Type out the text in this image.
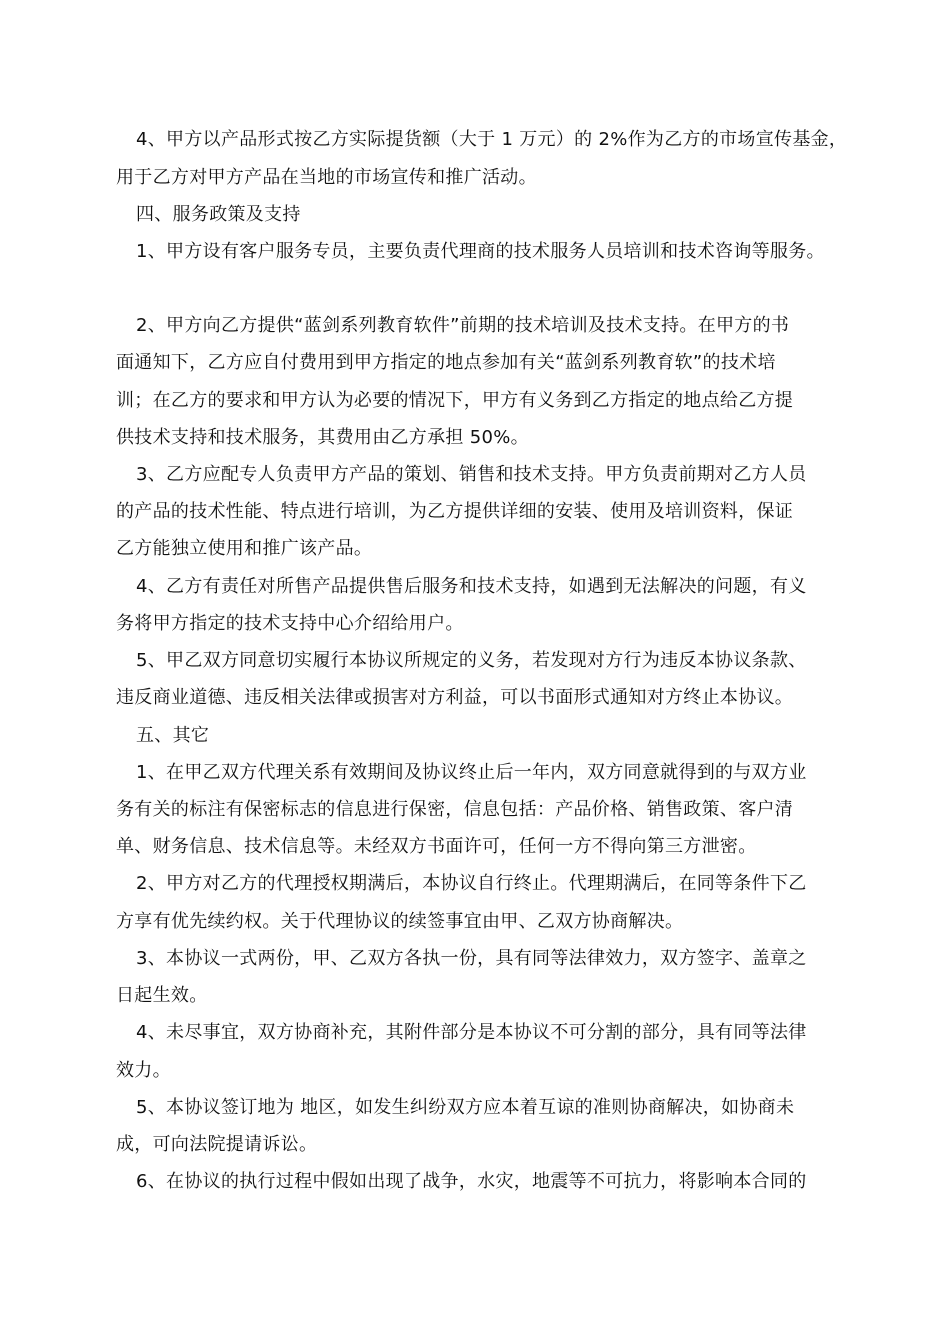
4、甲方以产品形式按乙方实际提货额（大于 1 万元）的 2%作为乙方的市场宣传基金，
用于乙方对甲方产品在当地的市场宣传和推广活动。
四、服务政策及支持
1、甲方设有客户服务专员，主要负责代理商的技术服务人员培训和技术咨询等服务。
2、甲方向乙方提供“蓝剑系列教育软件”前期的技术培训及技术支持。在甲方的书
面通知下，乙方应自付费用到甲方指定的地点参加有关“蓝剑系列教育软”的技术培
训；在乙方的要求和甲方认为必要的情况下，甲方有义务到乙方指定的地点给乙方提
供技术支持和技术服务，其费用由乙方承担 50%。
3、乙方应配专人负责甲方产品的策划、销售和技术支持。甲方负责前期对乙方人员
的产品的技术性能、特点进行培训，为乙方提供详细的安装、使用及培训资料，保证
乙方能独立使用和推广该产品。
4、乙方有责任对所售产品提供售后服务和技术支持，如遇到无法解决的问题，有义
务将甲方指定的技术支持中心介绍给用户。
5、甲乙双方同意切实履行本协议所规定的义务，若发现对方行为违反本协议条款、
违反商业道德、违反相关法律或损害对方利益，可以书面形式通知对方终止本协议。
五、其它
1、在甲乙双方代理关系有效期间及协议终止后一年内，双方同意就得到的与双方业
务有关的标注有保密标志的信息进行保密，信息包括：产品价格、销售政策、客户清
单、财务信息、技术信息等。未经双方书面许可，任何一方不得向第三方泄密。
2、甲方对乙方的代理授权期满后，本协议自行终止。代理期满后，在同等条件下乙
方享有优先续约权。关于代理协议的续签事宜由甲、乙双方协商解决。
3、本协议一式两份，甲、乙双方各执一份，具有同等法律效力，双方签字、盖章之
日起生效。
4、未尽事宜，双方协商补充，其附件部分是本协议不可分割的部分，具有同等法律
效力。
5、本协议签订地为 地区，如发生纠纷双方应本着互谅的准则协商解决，如协商未
成，可向法院提请诉讼。
6、在协议的执行过程中假如出现了战争，水灾，地震等不可抗力，将影响本合同的
